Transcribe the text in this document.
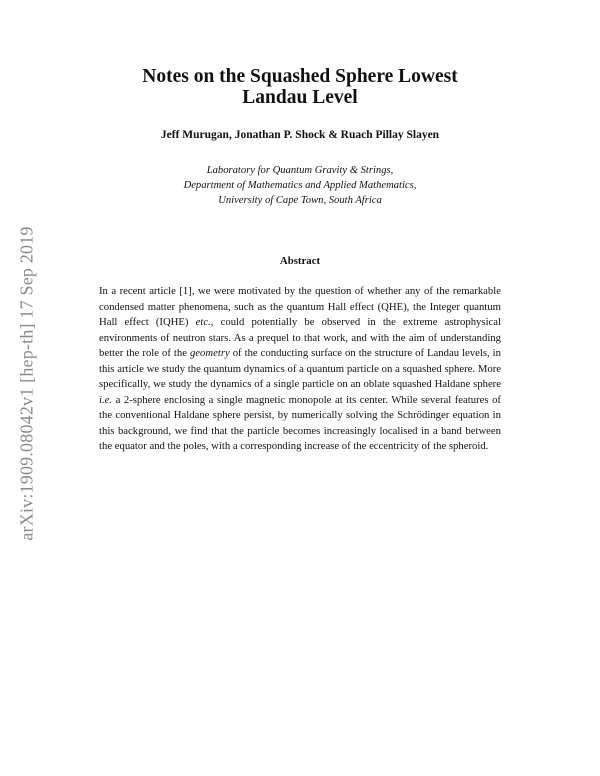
arXiv:1909.08042v1 [hep-th] 17 Sep 2019
Notes on the Squashed Sphere Lowest
Landau Level
Jeff Murugan, Jonathan P. Shock & Ruach Pillay Slayen
Laboratory for Quantum Gravity & Strings,
Department of Mathematics and Applied Mathematics,
University of Cape Town, South Africa
Abstract
In a recent article [1], we were motivated by the question of whether any of the remarkable condensed matter phenomena, such as the quantum Hall effect (QHE), the Integer quantum Hall effect (IQHE) etc., could potentially be observed in the extreme astrophysical environments of neutron stars. As a prequel to that work, and with the aim of understanding better the role of the geometry of the conducting surface on the structure of Landau levels, in this article we study the quantum dynamics of a quantum particle on a squashed sphere. More specifically, we study the dynamics of a single particle on an oblate squashed Haldane sphere i.e. a 2-sphere enclosing a single magnetic monopole at its center. While several features of the conventional Haldane sphere persist, by numerically solving the Schrödinger equation in this background, we find that the particle becomes increasingly localised in a band between the equator and the poles, with a corresponding increase of the eccentricity of the spheroid.
